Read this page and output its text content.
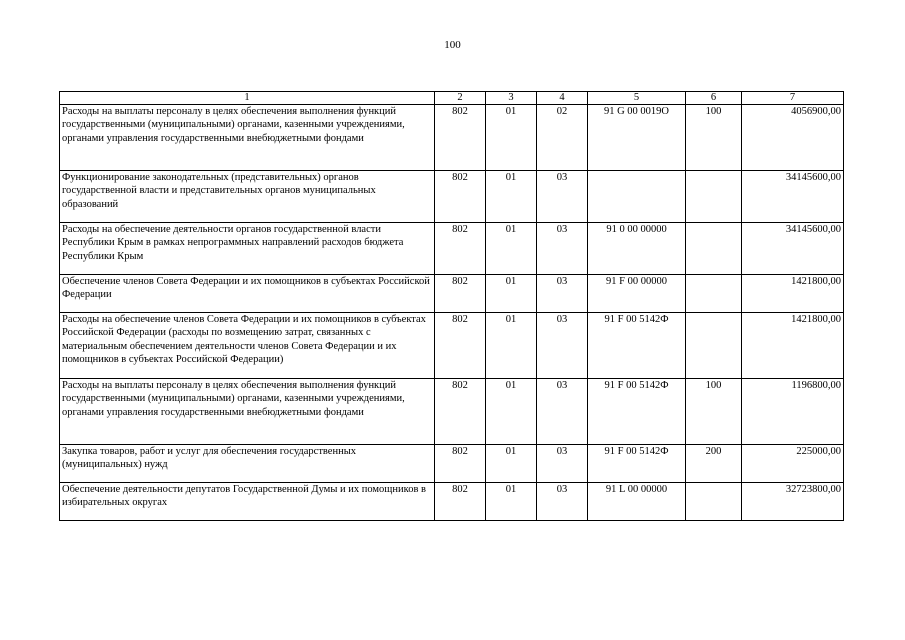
100
1	2	3	4	5	6	7
Расходы на выплаты персоналу в целях обеспечения выполнения функций государственными (муниципальными) органами, казенными учреждениями, органами управления государственными внебюджетными фондами	802	01	02	91 G 00 0019O	100	4056900,00
Функционирование законодательных (представительных) органов государственной власти и представительных органов муниципальных образований	802	01	03			34145600,00
Расходы на обеспечение деятельности органов государственной власти Республики Крым в рамках непрограммных направлений расходов бюджета Республики Крым	802	01	03	91 0 00 00000		34145600,00
Обеспечение членов Совета Федерации и их помощников в субъектах Российской Федерации	802	01	03	91 F 00 00000		1421800,00
Расходы на обеспечение членов Совета Федерации и их помощников в субъектах Российской Федерации (расходы по возмещению затрат, связанных с материальным обеспечением деятельности членов Совета Федерации и их помощников в субъектах Российской Федерации)	802	01	03	91 F 00 5142Ф		1421800,00
Расходы на выплаты персоналу в целях обеспечения выполнения функций государственными (муниципальными) органами, казенными учреждениями, органами управления государственными внебюджетными фондами	802	01	03	91 F 00 5142Ф	100	1196800,00
Закупка товаров, работ и услуг для обеспечения государственных (муниципальных) нужд	802	01	03	91 F 00 5142Ф	200	225000,00
Обеспечение деятельности депутатов Государственной Думы и их помощников в избирательных округах	802	01	03	91 L 00 00000		32723800,00
